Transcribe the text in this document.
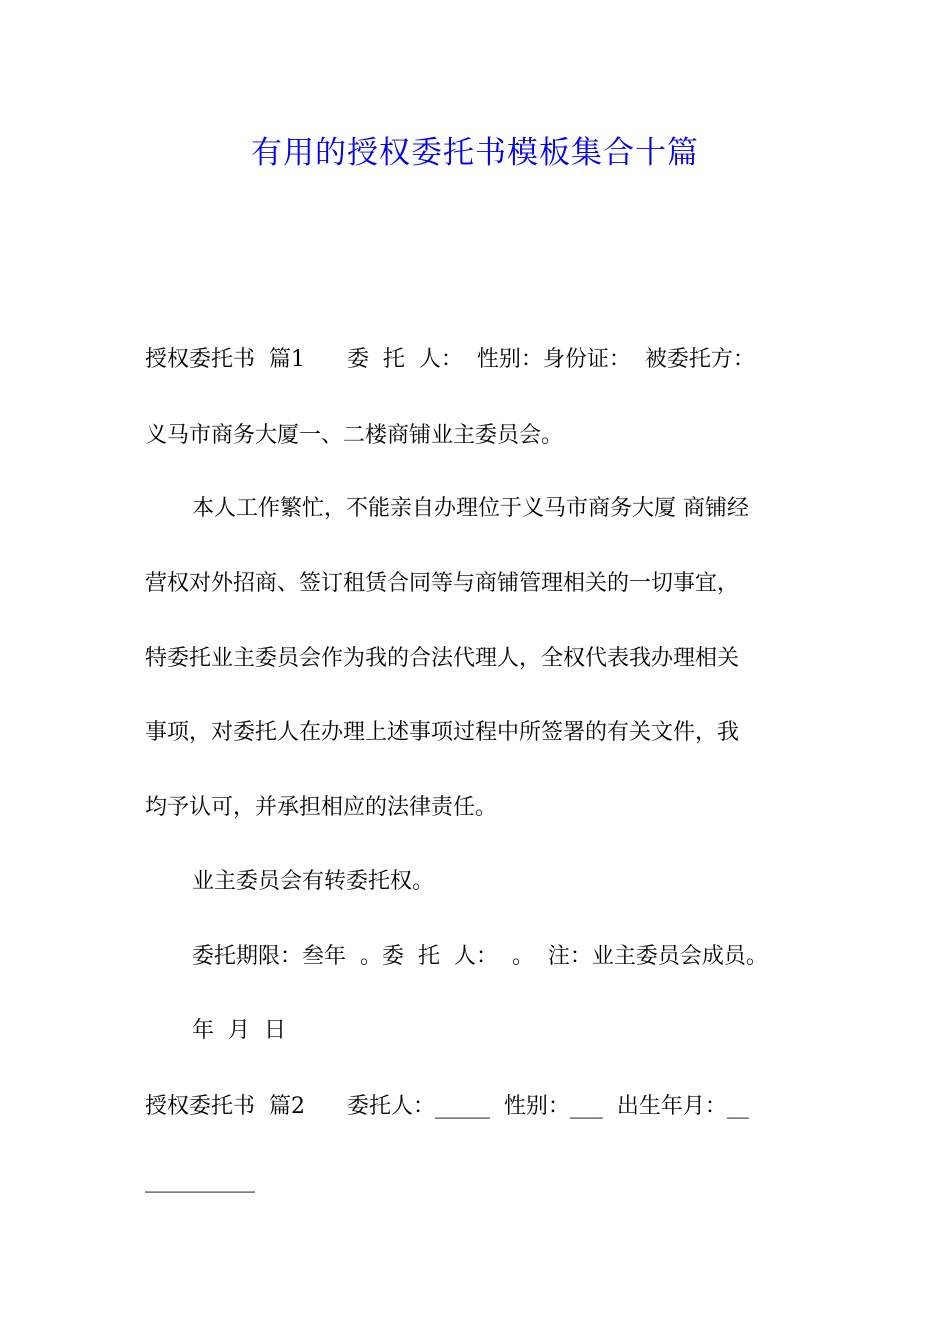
有用的授权委托书模板集合十篇
授权委托书  篇1      委  托  人：  性别：身份证：  被委托方：
义马市商务大厦一、二楼商铺业主委员会。
本人工作繁忙，不能亲自办理位于义马市商务大厦 商铺经
营权对外招商、签订租赁合同等与商铺管理相关的一切事宜，
特委托业主委员会作为我的合法代理人，全权代表我办理相关
事项，对委托人在办理上述事项过程中所签署的有关文件，我
均予认可，并承担相应的法律责任。
业主委员会有转委托权。
委托期限：叁年  。委  托  人：  。  注：业主委员会成员。
年  月  日
授权委托书  篇2      委托人：_____  性别：___  出生年月：__
__________
